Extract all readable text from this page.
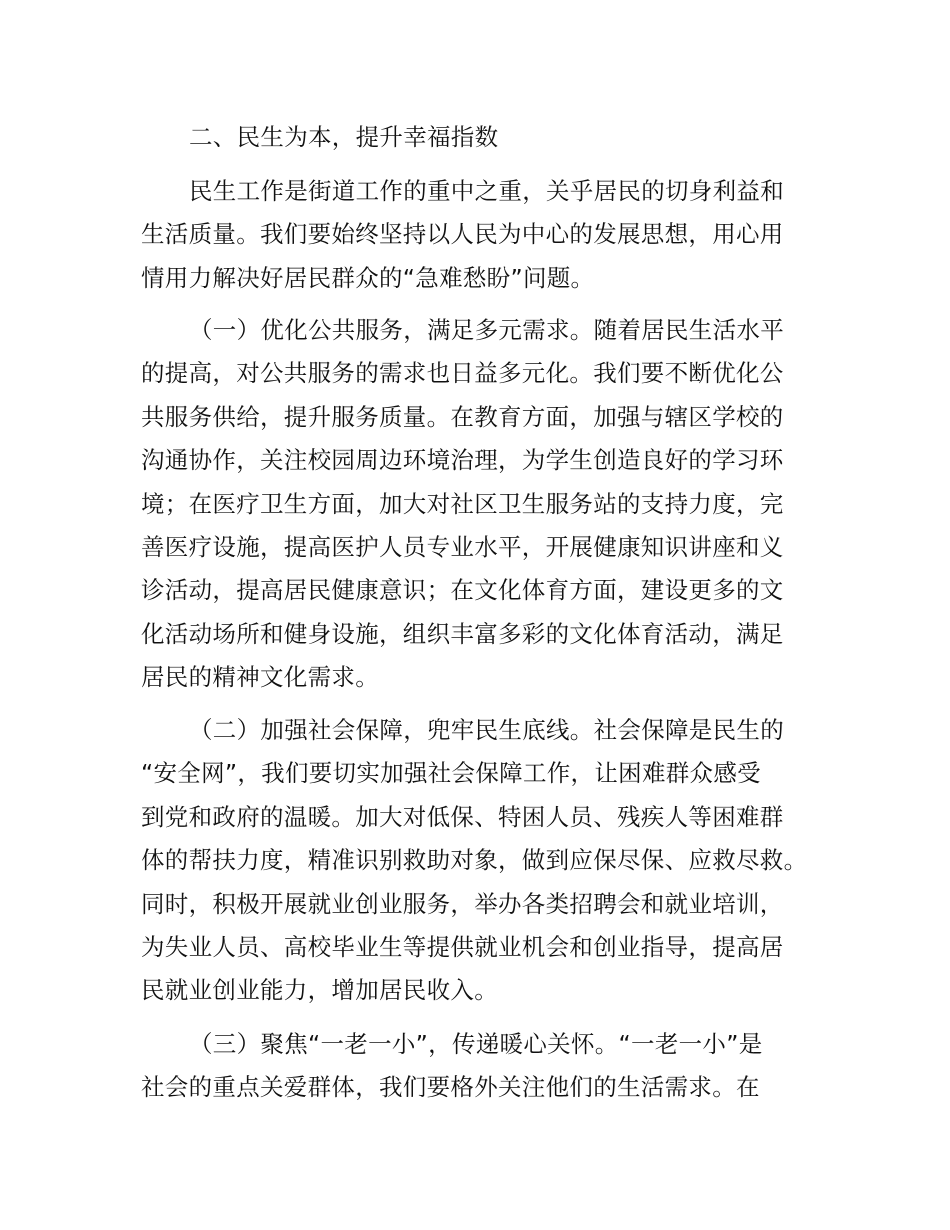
二、民生为本，提升幸福指数
民生工作是街道工作的重中之重，关乎居民的切身利益和
生活质量。我们要始终坚持以人民为中心的发展思想，用心用
情用力解决好居民群众的“急难愁盼”问题。
（一）优化公共服务，满足多元需求。随着居民生活水平
的提高，对公共服务的需求也日益多元化。我们要不断优化公
共服务供给，提升服务质量。在教育方面，加强与辖区学校的
沟通协作，关注校园周边环境治理，为学生创造良好的学习环
境；在医疗卫生方面，加大对社区卫生服务站的支持力度，完
善医疗设施，提高医护人员专业水平，开展健康知识讲座和义
诊活动，提高居民健康意识；在文化体育方面，建设更多的文
化活动场所和健身设施，组织丰富多彩的文化体育活动，满足
居民的精神文化需求。
（二）加强社会保障，兜牢民生底线。社会保障是民生的
“安全网”，我们要切实加强社会保障工作，让困难群众感受
到党和政府的温暖。加大对低保、特困人员、残疾人等困难群
体的帮扶力度，精准识别救助对象，做到应保尽保、应救尽救。
同时，积极开展就业创业服务，举办各类招聘会和就业培训，
为失业人员、高校毕业生等提供就业机会和创业指导，提高居
民就业创业能力，增加居民收入。
（三）聚焦“一老一小”，传递暖心关怀。“一老一小”是
社会的重点关爱群体，我们要格外关注他们的生活需求。在
